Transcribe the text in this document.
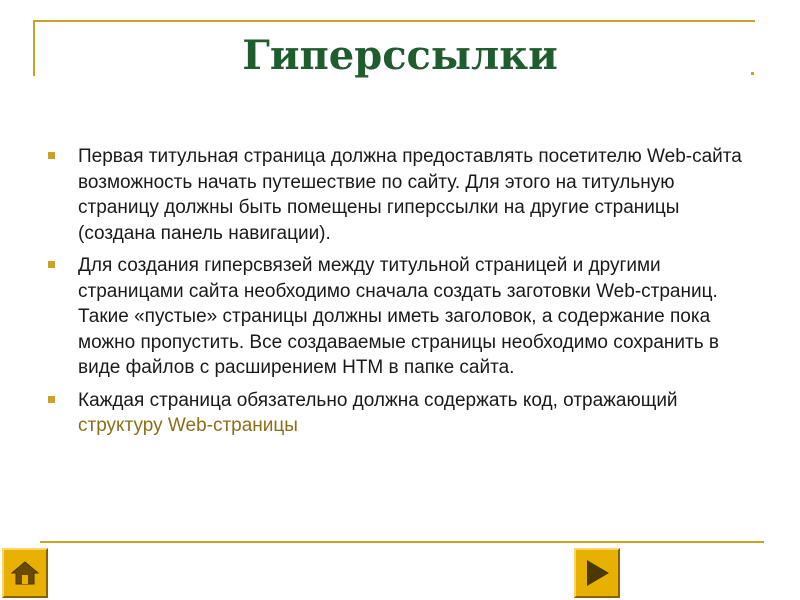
Гиперссылки
Первая титульная страница должна предоставлять посетителю Web-сайта возможность начать путешествие по сайту. Для этого на титульную страницу должны быть помещены гиперссылки на другие страницы (создана панель навигации).
Для создания гиперсвязей между титульной страницей и другими страницами сайта необходимо сначала создать заготовки Web-страниц. Такие «пустые» страницы должны иметь заголовок, а содержание пока можно пропустить. Все создаваемые страницы необходимо сохранить в виде файлов с расширением HTM в папке сайта.
Каждая страница обязательно должна содержать код, отражающий структуру Web-страницы
